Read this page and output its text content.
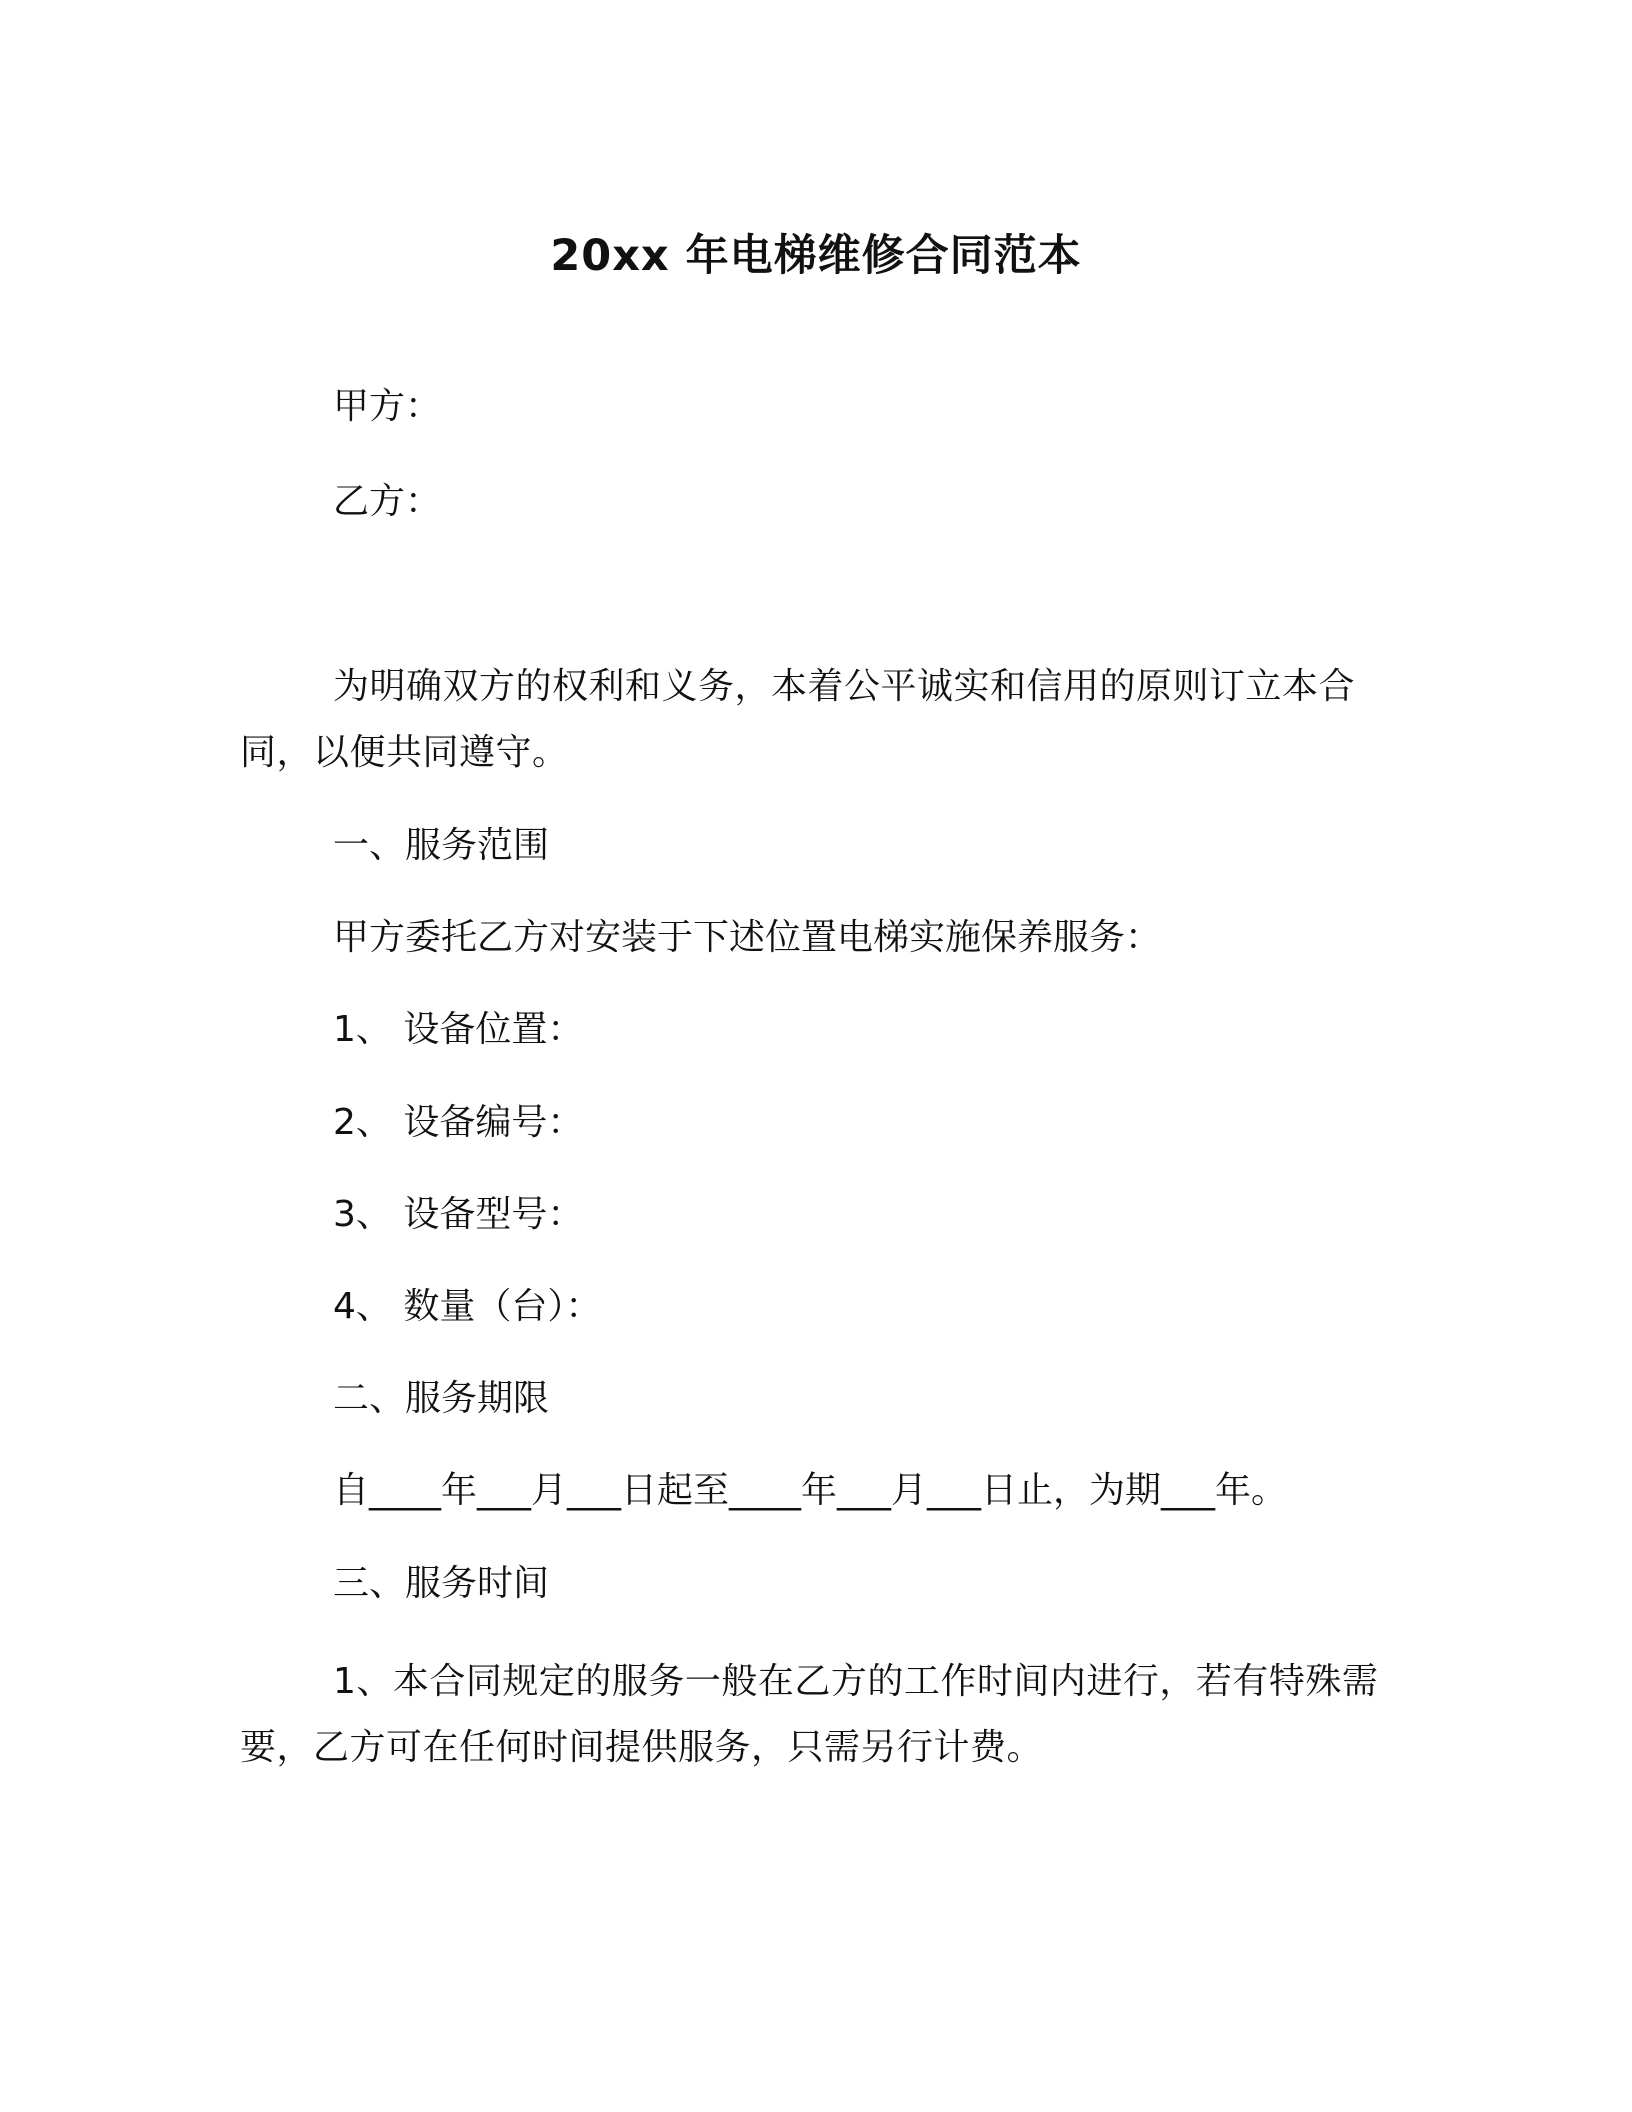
20xx 年电梯维修合同范本
甲方：
乙方：
为明确双方的权利和义务，本着公平诚实和信用的原则订立本合同，以便共同遵守。
一、服务范围
甲方委托乙方对安装于下述位置电梯实施保养服务：
1、 设备位置：
2、 设备编号：
3、 设备型号：
4、 数量（台）：
二、服务期限
自____年___月___日起至____年___月___日止，为期___年。
三、服务时间
1、本合同规定的服务一般在乙方的工作时间内进行，若有特殊需要，乙方可在任何时间提供服务，只需另行计费。
